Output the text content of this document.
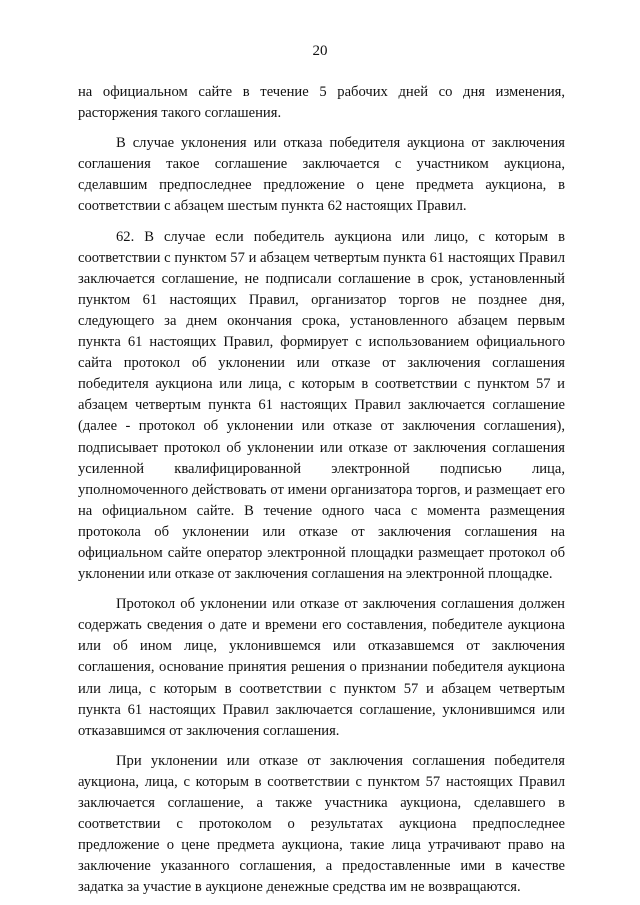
20

на официальном сайте в течение 5 рабочих дней со дня изменения, расторжения такого соглашения.

В случае уклонения или отказа победителя аукциона от заключения соглашения такое соглашение заключается с участником аукциона, сделавшим предпоследнее предложение о цене предмета аукциона, в соответствии с абзацем шестым пункта 62 настоящих Правил.

62. В случае если победитель аукциона или лицо, с которым в соответствии с пунктом 57 и абзацем четвертым пункта 61 настоящих Правил заключается соглашение, не подписали соглашение в срок, установленный пунктом 61 настоящих Правил, организатор торгов не позднее дня, следующего за днем окончания срока, установленного абзацем первым пункта 61 настоящих Правил, формирует с использованием официального сайта протокол об уклонении или отказе от заключения соглашения победителя аукциона или лица, с которым в соответствии с пунктом 57 и абзацем четвертым пункта 61 настоящих Правил заключается соглашение (далее - протокол об уклонении или отказе от заключения соглашения), подписывает протокол об уклонении или отказе от заключения соглашения усиленной квалифицированной электронной подписью лица, уполномоченного действовать от имени организатора торгов, и размещает его на официальном сайте. В течение одного часа с момента размещения протокола об уклонении или отказе от заключения соглашения на официальном сайте оператор электронной площадки размещает протокол об уклонении или отказе от заключения соглашения на электронной площадке.

Протокол об уклонении или отказе от заключения соглашения должен содержать сведения о дате и времени его составления, победителе аукциона или об ином лице, уклонившемся или отказавшемся от заключения соглашения, основание принятия решения о признании победителя аукциона или лица, с которым в соответствии с пунктом 57 и абзацем четвертым пункта 61 настоящих Правил заключается соглашение, уклонившимся или отказавшимся от заключения соглашения.

При уклонении или отказе от заключения соглашения победителя аукциона, лица, с которым в соответствии с пунктом 57 настоящих Правил заключается соглашение, а также участника аукциона, сделавшего в соответствии с протоколом о результатах аукциона предпоследнее предложение о цене предмета аукциона, такие лица утрачивают право на заключение указанного соглашения, а предоставленные ими в качестве задатка за участие в аукционе денежные средства им не возвращаются.
